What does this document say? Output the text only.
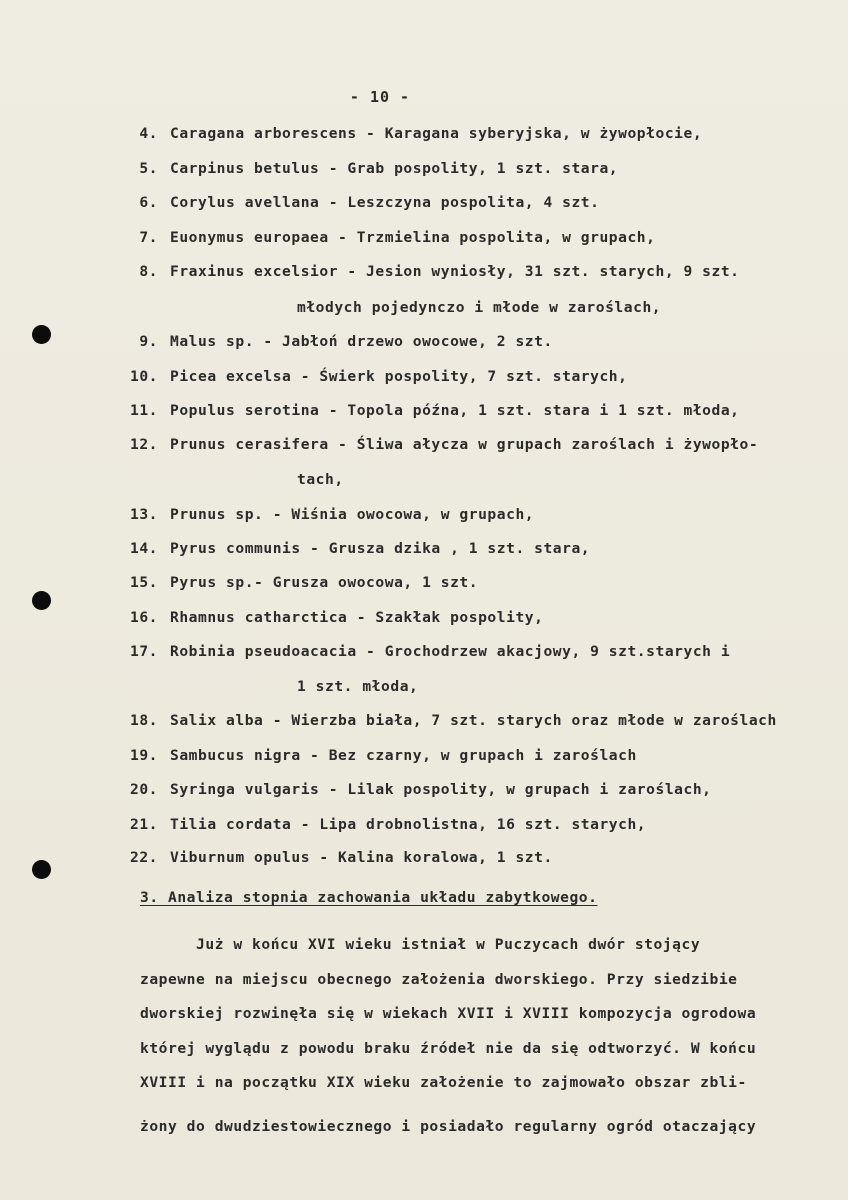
- 10 -
4. Caragana arborescens - Karagana syberyjska, w żywopłocie,
5. Carpinus betulus - Grab pospolity, 1 szt. stara,
6. Corylus avellana - Leszczyna pospolita, 4 szt.
7. Euonymus europaea - Trzmielina pospolita, w grupach,
8. Fraxinus excelsior - Jesion wyniosły, 31 szt. starych, 9 szt.
młodych pojedynczo i młode w zaroślach,
9. Malus sp. - Jabłoń drzewo owocowe, 2 szt.
10. Picea excelsa - Świerk pospolity, 7 szt. starych,
11. Populus serotina - Topola późna, 1 szt. stara i 1 szt. młoda,
12. Prunus cerasifera - Śliwa ałycza w grupach zaroślach i żywopło-
tach,
13. Prunus sp. - Wiśnia owocowa, w grupach,
14. Pyrus communis - Grusza dzika , 1 szt. stara,
15. Pyrus sp.- Grusza owocowa, 1 szt.
16. Rhamnus catharctica - Szakłak pospolity,
17. Robinia pseudoacacia - Grochodrzew akacjowy, 9 szt.starych i
1 szt. młoda,
18. Salix alba - Wierzba biała, 7 szt. starych oraz młode w zaroślach
19. Sambucus nigra - Bez czarny, w grupach i zaroślach
20. Syringa vulgaris - Lilak pospolity, w grupach i zaroślach,
21. Tilia cordata - Lipa drobnolistna, 16 szt. starych,
22. Viburnum opulus - Kalina koralowa, 1 szt.
3. Analiza stopnia zachowania układu zabytkowego.
Już w końcu XVI wieku istniał w Puczycach dwór stojący
zapewne na miejscu obecnego założenia dworskiego. Przy siedzibie
dworskiej rozwinęła się w wiekach XVII i XVIII kompozycja ogrodowa
której wyglądu z powodu braku źródeł nie da się odtworzyć. W końcu
XVIII i na początku XIX wieku założenie to zajmowało obszar zbli-
żony do dwudziestowiecznego i posiadało regularny ogród otaczający
